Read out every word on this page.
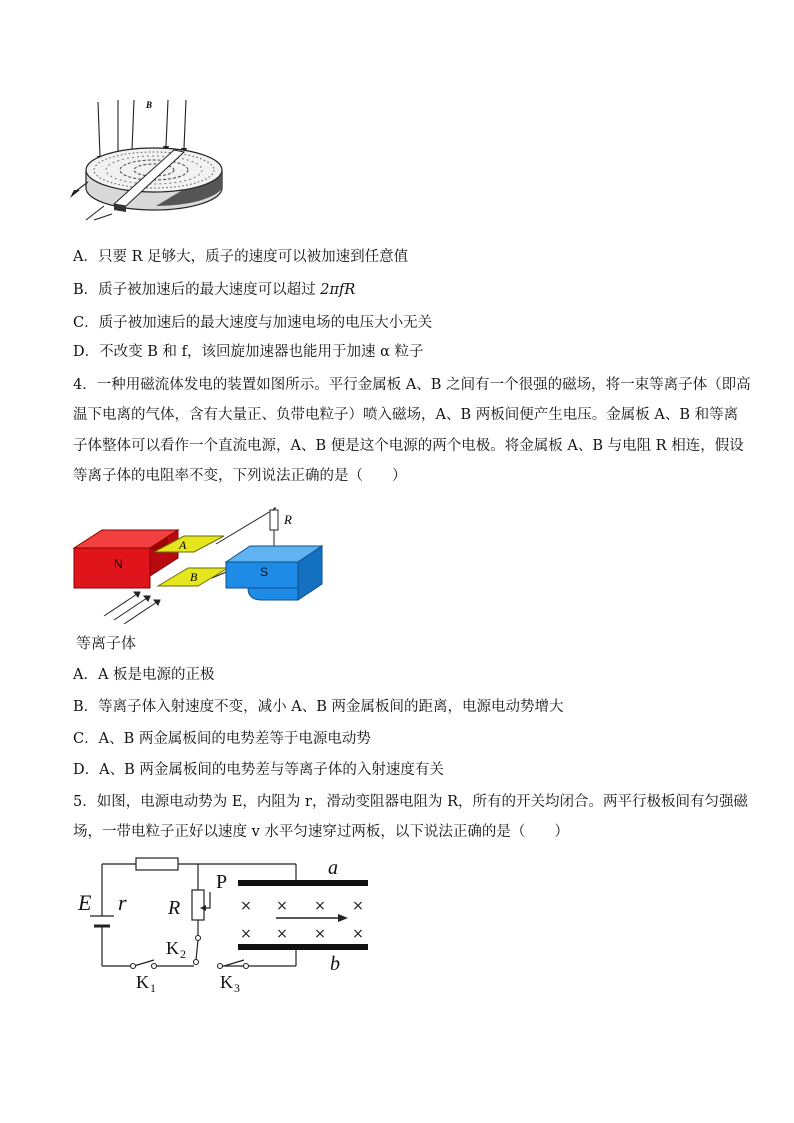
B
A．只要 R 足够大，质子的速度可以被加速到任意值
B．质子被加速后的最大速度可以超过 2πfR
C．质子被加速后的最大速度与加速电场的电压大小无关
D．不改变 B 和 f，该回旋加速器也能用于加速 α 粒子
4．一种用磁流体发电的装置如图所示。平行金属板 A、B 之间有一个很强的磁场，将一束等离子体（即高
温下电离的气体，含有大量正、负带电粒子）喷入磁场，A、B 两板间便产生电压。金属板 A、B 和等离
子体整体可以看作一个直流电源，A、B 便是这个电源的两个电极。将金属板 A、B 与电阻 R 相连，假设
等离子体的电阻率不变，下列说法正确的是（　　）
R
N
A
B	S
等离子体
A．A 板是电源的正极
B．等离子体入射速度不变，减小 A、B 两金属板间的距离，电源电动势增大
C．A、B 两金属板间的电势差等于电源电动势
D．A、B 两金属板间的电势差与等离子体的入射速度有关
5．如图，电源电动势为 E，内阻为 r，滑动变阻器电阻为 R，所有的开关均闭合。两平行极板间有匀强磁
场，一带电粒子正好以速度 v 水平匀速穿过两板，以下说法正确的是（　　）
× × × ×
× × × ×
E r R
P
a
b
K 2
K 1	K 3
